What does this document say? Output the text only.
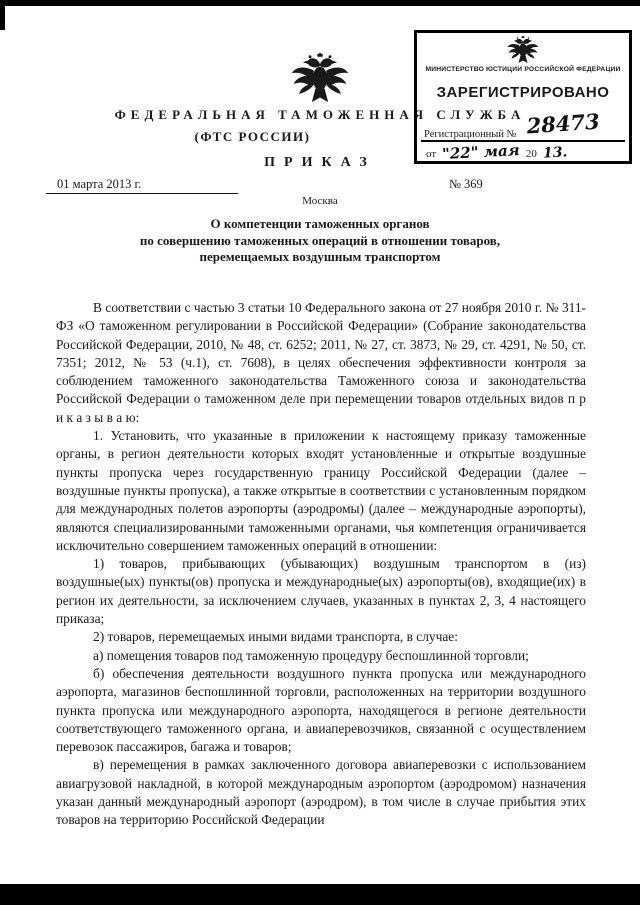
ФЕДЕРАЛЬНАЯ ТАМОЖЕННАЯ СЛУЖБА
(ФТС РОССИИ)
ПРИКАЗ
01 марта 2013 г.	№ 369
Москва
МИНИСТЕРСТВО ЮСТИЦИИ РОССИЙСКОЙ ФЕДЕРАЦИИ
ЗАРЕГИСТРИРОВАНО
Регистрационный № 28473
от "22" мая 20 13.
О компетенции таможенных органов
по совершению таможенных операций в отношении товаров,
перемещаемых воздушным транспортом

В соответствии с частью 3 статьи 10 Федерального закона от 27 ноября 2010 г. № 311-ФЗ «О таможенном регулировании в Российской Федерации» (Собрание законодательства Российской Федерации, 2010, № 48, ст. 6252; 2011, № 27, ст. 3873, № 29, ст. 4291, № 50, ст. 7351; 2012, № 53 (ч.1), ст. 7608), в целях обеспечения эффективности контроля за соблюдением таможенного законодательства Таможенного союза и законодательства Российской Федерации о таможенном деле при перемещении товаров отдельных видов п р и к а з ы в а ю:

1. Установить, что указанные в приложении к настоящему приказу таможенные органы, в регион деятельности которых входят установленные и открытые воздушные пункты пропуска через государственную границу Российской Федерации (далее – воздушные пункты пропуска), а также открытые в соответствии с установленным порядком для международных полетов аэропорты (аэродромы) (далее – международные аэропорты), являются специализированными таможенными органами, чья компетенция ограничивается исключительно совершением таможенных операций в отношении:

1) товаров, прибывающих (убывающих) воздушным транспортом в (из) воздушные(ых) пункты(ов) пропуска и международные(ых) аэропорты(ов), входящие(их) в регион их деятельности, за исключением случаев, указанных в пунктах 2, 3, 4 настоящего приказа;

2) товаров, перемещаемых иными видами транспорта, в случае:

а) помещения товаров под таможенную процедуру беспошлинной торговли;

б) обеспечения деятельности воздушного пункта пропуска или международного аэропорта, магазинов беспошлинной торговли, расположенных на территории воздушного пункта пропуска или международного аэропорта, находящегося в регионе деятельности соответствующего таможенного органа, и авиаперевозчиков, связанной с осуществлением перевозок пассажиров, багажа и товаров;

в) перемещения в рамках заключенного договора авиаперевозки с использованием авиагрузовой накладной, в которой международным аэропортом (аэродромом) назначения указан данный международный аэропорт (аэродром), в том числе в случае прибытия этих товаров на территорию Российской Федерации
